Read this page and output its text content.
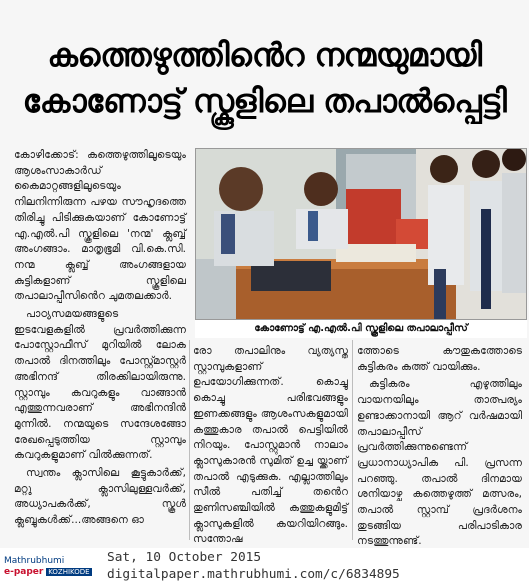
കത്തെഴുത്തിൻെറ നന്മയുമായി
കോണോട്ട് സ്കൂളിലെ തപാൽപ്പെട്ടി

കോഴിക്കോട്: കത്തെഴുത്തിലൂടെയും ആശംസാകാർഡ് കൈമാറ്റങ്ങളിലൂടെയും നിലനിന്നിരുന്ന പഴയ സൗഹൃദത്തെ തിരിച്ചു പിടിക്കുകയാണ് കോണോട്ട് എ.എൽ.പി സ്കൂളിലെ 'നന്മ' ക്ലബ്ബ് അംഗങ്ങാം. മാതൃഭൂമി വി.കെ.സി. നന്മ ക്ലബ്ബ് അംഗങ്ങളായ കുട്ടികളാണ് സ്കൂളിലെ തപാലാപ്പീസിൻെറ ചുമതലക്കാർ.

പാഠ്യസമയങ്ങളുടെ ഇടവേളകളിൽ പ്രവർത്തിക്കുന്ന പോസ്റ്റോഫീസ് മുറിയിൽ ലോക തപാൽ ദിനത്തിലും പോസ്റ്റ്മാസ്റ്റർ അഭിനന്ദ് തിരക്കിലായിരുന്നു. സ്റ്റാമ്പും കവറുകളും വാങ്ങാൻ എത്തുന്നവരാണ് അഭിനന്ദിൻ മുന്നിൽ. നന്മയുടെ സന്ദേശങ്ങോ രേഖപ്പെടുത്തിയ സ്റ്റാമ്പും കവറുകളുമാണ് വിൽക്കുന്നത്.

സ്വന്തം ക്ലാസിലെ കൂട്ടുകാർക്ക്, മറ്റു ക്ലാസിലുള്ളവർക്ക്, അധ്യാപകർക്ക്, സ്കൂൾ ക്ലബ്ബുകൾക്ക്...അങ്ങനെ ഓ

രോ തപാലിനും വ്യത്യസ്ത സ്റ്റാമ്പുകളാണ് ഉപയോഗിക്കുന്നത്. കൊച്ചു കൊച്ചു പരിഭവങ്ങളും ഇണക്കങ്ങളും ആശംസകളുമായി കത്തുകാര തപാൽ പെട്ടിയിൽ നിറയും. പോസ്റ്റുമാൻ നാലാം ക്ലാസുകാരൻ സുമിത് ഉച്ച യ്ക്കാണ് തപാൽ എടുക്കുക. എല്ലാത്തിലും സീൽ പതിച്ച് തൻെറ തുണിസഞ്ചിയിൽ കത്തുകളുമിട്ട് ക്ലാസുകളിൽ കയറിയിറങ്ങും. സന്തോഷ

ത്തോടെ കൗതുകത്തോടെ കുട്ടികരം കത്ത് വായിക്കും.

കുട്ടികരം എഴുത്തിലും വായനയിലും താത്പര്യം ഉണ്ടാക്കാനായി ആറ് വർഷമായി തപാലാപ്പീസ് പ്രവർത്തിക്കുന്നുണ്ടെന്ന് പ്രധാനാധ്യാപിക പി. പ്രസന്ന പറഞ്ഞു. തപാൽ ദിനമായ ശനിയാഴ്ച കത്തെഴുത്ത് മത്സരം, തപാൽ സ്റ്റാമ്പ് പ്രദർശനം തുടങ്ങിയ പരിപാടികാര നടത്തുന്നുണ്ട്.

കോണോട്ട് എ.എൽ.പി സ്കൂളിലെ തപാലാപ്പീസ്
Mathrubhumi
e-paper KOZHIKODE
Sat, 10 October 2015
digitalpaper.mathrubhumi.com/c/6834895
